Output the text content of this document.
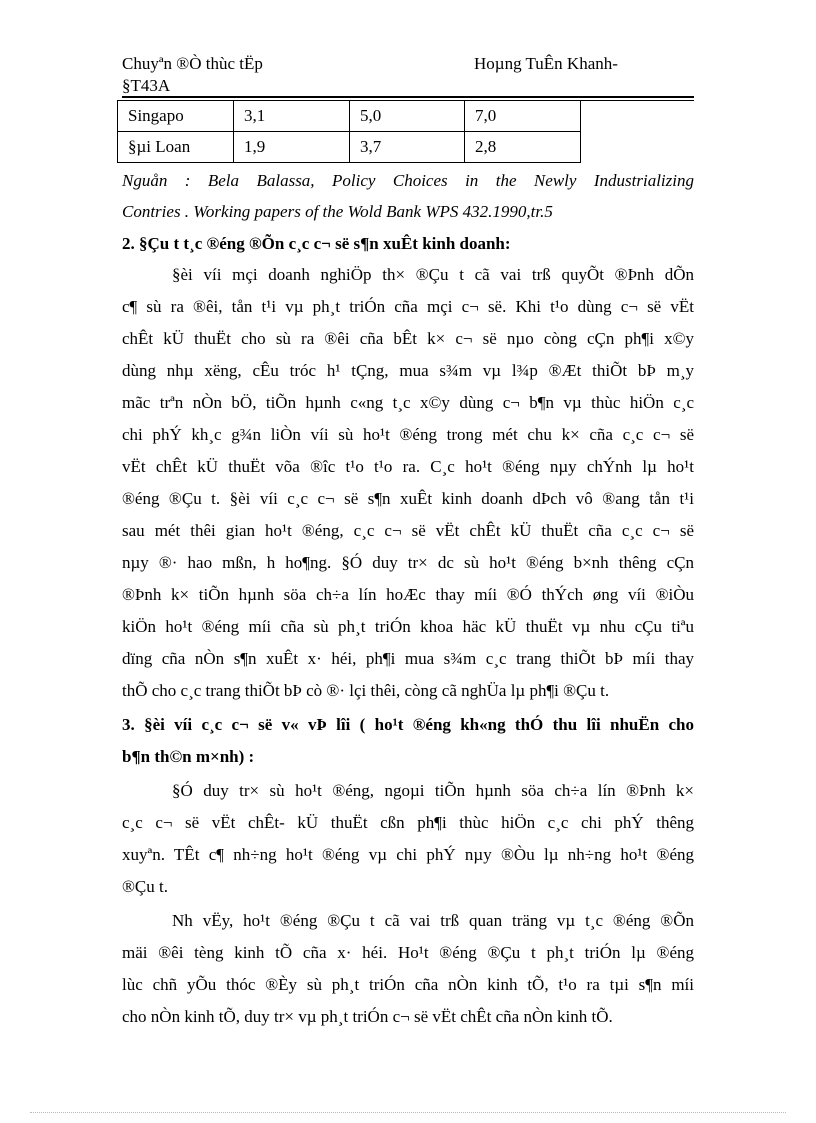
Chuyªn ®Ò thùc tËp
§T43A
Hoµng TuÊn Khanh-
Singapo	3,1	5,0	7,0
§µi Loan	1,9	3,7	2,8
Nguån : Bela Balassa, Policy Choices in the Newly Industrializing
Contries . Working papers of the Wold Bank WPS 432.1990,tr.5
2. §Çu t t¸c ®éng ®Õn c¸c c¬ së s¶n xuÊt kinh doanh:
§èi víi mçi doanh nghiÖp th× ®Çu t cã vai trß quyÕt ®Þnh dÕn
c¶ sù ra ®êi, tån t¹i vµ ph¸t triÓn cña mçi c¬ së. Khi t¹o dùng c¬ së vËt
chÊt kÜ thuËt cho sù ra ®êi cña bÊt k× c¬ së nµo còng cÇn ph¶i x©y
dùng nhµ xëng, cÊu tróc h¹ tÇng, mua s¾m vµ l¾p ®Æt thiÕt bÞ m¸y
mãc trªn nÒn bÖ, tiÕn hµnh c«ng t¸c x©y dùng c¬ b¶n vµ thùc hiÖn c¸c
chi phÝ kh¸c g¾n liÒn víi sù ho¹t ®éng trong mét chu k× cña c¸c c¬ së
vËt chÊt kÜ thuËt võa ®îc t¹o t¹o ra. C¸c ho¹t ®éng nµy chÝnh lµ ho¹t
®éng ®Çu t. §èi víi c¸c c¬ së s¶n xuÊt kinh doanh dÞch vô ®ang tån t¹i
sau mét thêi gian ho¹t ®éng, c¸c c¬ së vËt chÊt kÜ thuËt cña c¸c c¬ së
nµy ®· hao mßn, h ho¶ng. §Ó duy tr× dc sù ho¹t ®éng b×nh thêng cÇn
®Þnh k× tiÕn hµnh söa ch÷a lín hoÆc thay míi ®Ó thÝch øng víi ®iÒu
kiÖn ho¹t ®éng míi cña sù ph¸t triÓn khoa häc kÜ thuËt vµ nhu cÇu tiªu
dïng cña nÒn s¶n xuÊt x· héi, ph¶i mua s¾m c¸c trang thiÕt bÞ míi thay
thÕ cho c¸c trang thiÕt bÞ cò ®· lçi thêi, còng cã nghÜa lµ ph¶i ®Çu t.
3. §èi víi c¸c c¬ së v« vÞ lîi ( ho¹t ®éng kh«ng thÓ thu lîi nhuËn cho
b¶n th©n m×nh) :
§Ó duy tr× sù ho¹t ®éng, ngoµi tiÕn hµnh söa ch÷a lín ®Þnh k×
c¸c c¬ së vËt chÊt- kÜ thuËt cßn ph¶i thùc hiÖn c¸c chi phÝ thêng
xuyªn. TÊt c¶ nh÷ng ho¹t ®éng vµ chi phÝ nµy ®Òu lµ nh÷ng ho¹t ®éng
®Çu t.
Nh vËy, ho¹t ®éng ®Çu t cã vai trß quan träng vµ t¸c ®éng ®Õn
mäi ®êi tèng kinh tÕ cña x· héi. Ho¹t ®éng ®Çu t ph¸t triÓn lµ ®éng
lùc chñ yÕu thóc ®Èy sù ph¸t triÓn cña nÒn kinh tÕ, t¹o ra tµi s¶n míi
cho nÒn kinh tÕ, duy tr× vµ ph¸t triÓn c¬ së vËt chÊt cña nÒn kinh tÕ.
